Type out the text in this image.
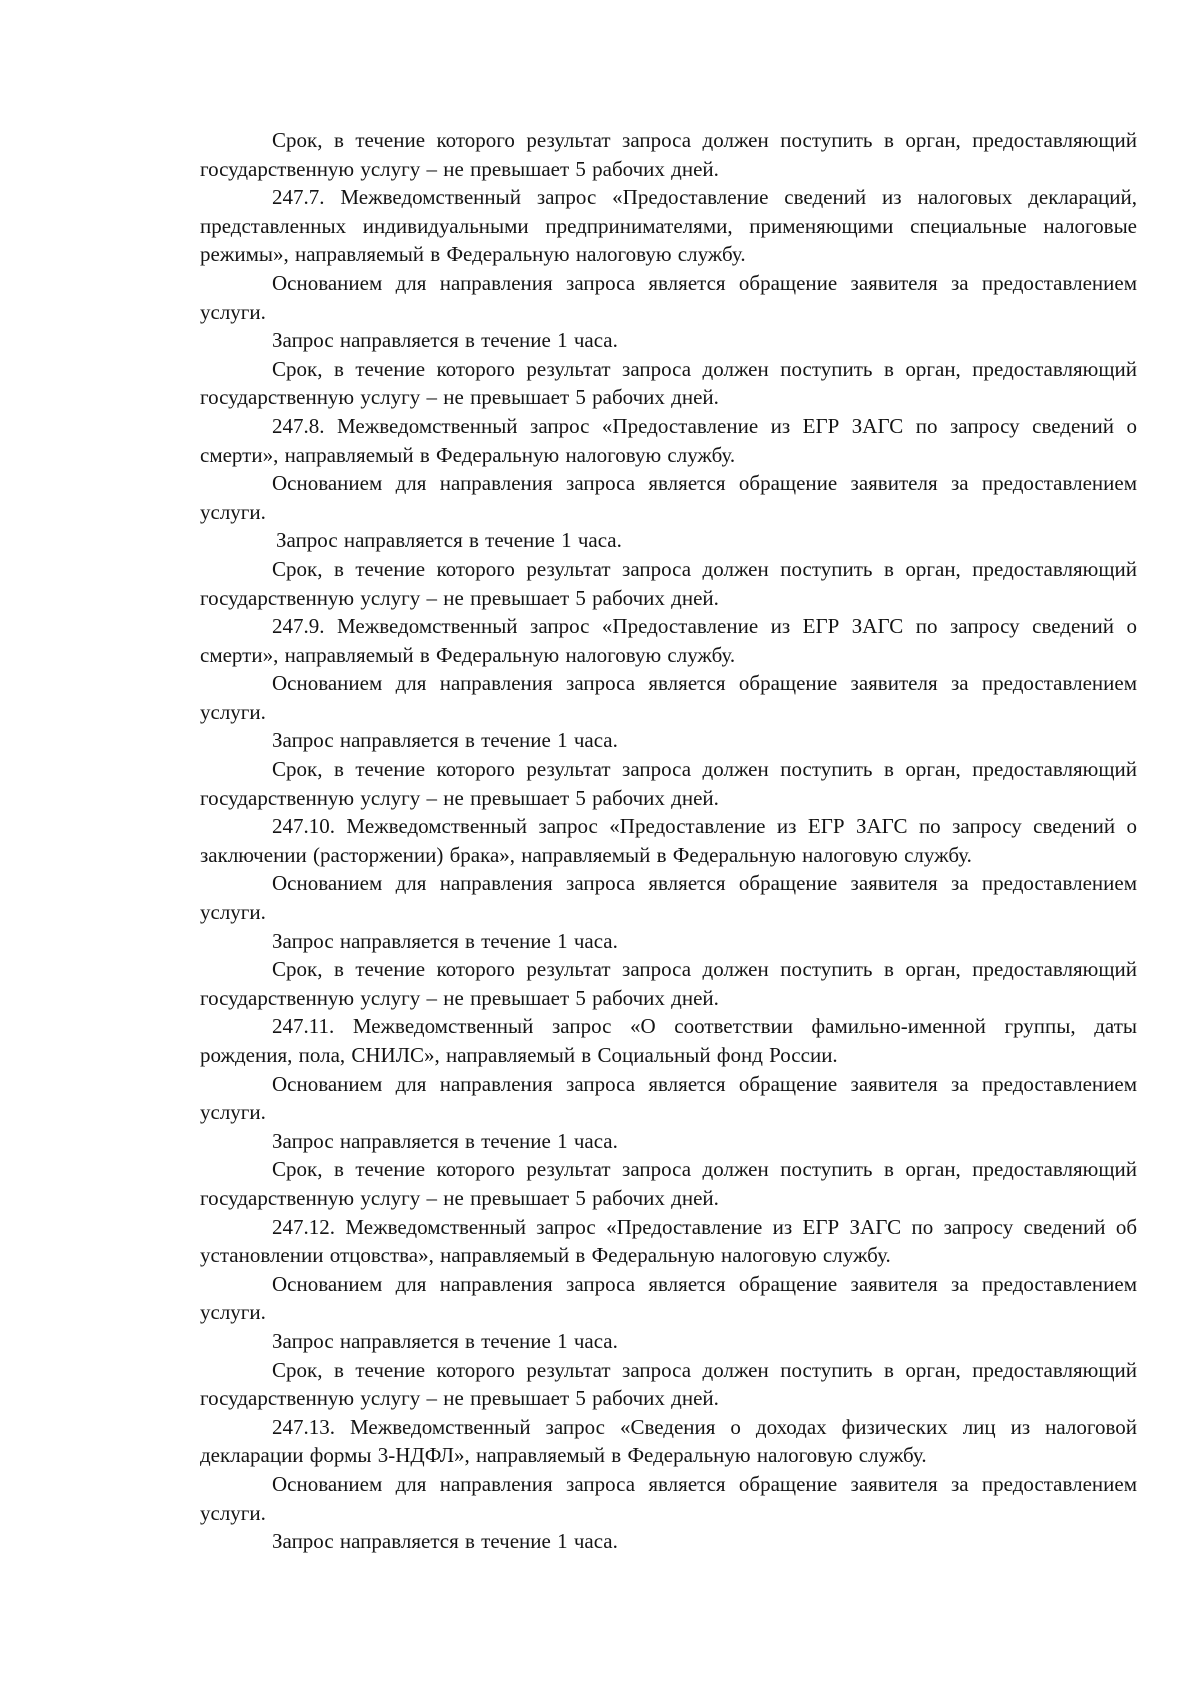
Срок, в течение которого результат запроса должен поступить в орган, предоставляющий государственную услугу – не превышает 5 рабочих дней.

247.7. Межведомственный запрос «Предоставление сведений из налоговых деклараций, представленных индивидуальными предпринимателями, применяющими специальные налоговые режимы», направляемый в Федеральную налоговую службу.

Основанием для направления запроса является обращение заявителя за предоставлением услуги.

Запрос направляется в течение 1 часа.

Срок, в течение которого результат запроса должен поступить в орган, предоставляющий государственную услугу – не превышает 5 рабочих дней.

247.8. Межведомственный запрос «Предоставление из ЕГР ЗАГС по запросу сведений о смерти», направляемый в Федеральную налоговую службу.

Основанием для направления запроса является обращение заявителя за предоставлением услуги.

Запрос направляется в течение 1 часа.

Срок, в течение которого результат запроса должен поступить в орган, предоставляющий государственную услугу – не превышает 5 рабочих дней.

247.9. Межведомственный запрос «Предоставление из ЕГР ЗАГС по запросу сведений о смерти», направляемый в Федеральную налоговую службу.

Основанием для направления запроса является обращение заявителя за предоставлением услуги.

Запрос направляется в течение 1 часа.

Срок, в течение которого результат запроса должен поступить в орган, предоставляющий государственную услугу – не превышает 5 рабочих дней.

247.10. Межведомственный запрос «Предоставление из ЕГР ЗАГС по запросу сведений о заключении (расторжении) брака», направляемый в Федеральную налоговую службу.

Основанием для направления запроса является обращение заявителя за предоставлением услуги.

Запрос направляется в течение 1 часа.

Срок, в течение которого результат запроса должен поступить в орган, предоставляющий государственную услугу – не превышает 5 рабочих дней.

247.11. Межведомственный запрос «О соответствии фамильно-именной группы, даты рождения, пола, СНИЛС», направляемый в Социальный фонд России.

Основанием для направления запроса является обращение заявителя за предоставлением услуги.

Запрос направляется в течение 1 часа.

Срок, в течение которого результат запроса должен поступить в орган, предоставляющий государственную услугу – не превышает 5 рабочих дней.

247.12. Межведомственный запрос «Предоставление из ЕГР ЗАГС по запросу сведений об установлении отцовства», направляемый в Федеральную налоговую службу.

Основанием для направления запроса является обращение заявителя за предоставлением услуги.

Запрос направляется в течение 1 часа.

Срок, в течение которого результат запроса должен поступить в орган, предоставляющий государственную услугу – не превышает 5 рабочих дней.

247.13. Межведомственный запрос «Сведения о доходах физических лиц из налоговой декларации формы 3-НДФЛ», направляемый в Федеральную налоговую службу.

Основанием для направления запроса является обращение заявителя за предоставлением услуги.

Запрос направляется в течение 1 часа.
